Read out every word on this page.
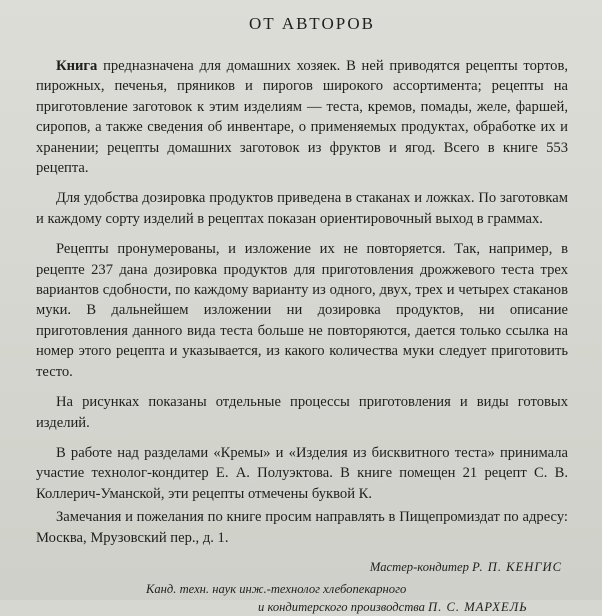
ОТ АВТОРОВ

Книга предназначена для домашних хозяек. В ней приводятся рецепты тортов, пирожных, печенья, пряников и пирогов широкого ассортимента; рецепты на приготовление заготовок к этим изделиям — теста, кремов, помады, желе, фаршей, сиропов, а также сведения об инвентаре, о применяемых продуктах, обработке их и хранении; рецепты домашних заготовок из фруктов и ягод. Всего в книге 553 рецепта.

Для удобства дозировка продуктов приведена в стаканах и ложках. По заготовкам и каждому сорту изделий в рецептах показан ориентировочный выход в граммах.

Рецепты пронумерованы, и изложение их не повторяется. Так, например, в рецепте 237 дана дозировка продуктов для приготовления дрожжевого теста трех вариантов сдобности, по каждому варианту из одного, двух, трех и четырех стаканов муки. В дальнейшем изложении ни дозировка продуктов, ни описание приготовления данного вида теста больше не повторяются, дается только ссылка на номер этого рецепта и указывается, из какого количества муки следует приготовить тесто.

На рисунках показаны отдельные процессы приготовления и виды готовых изделий.

В работе над разделами «Кремы» и «Изделия из бисквитного теста» принимала участие технолог-кондитер Е. А. Полуэктова. В книге помещен 21 рецепт С. В. Коллерич-Уманской, эти рецепты отмечены буквой К.

Замечания и пожелания по книге просим направлять в Пищепромиздат по адресу: Москва, Мрузовский пер., д. 1.

Мастер-кондитер Р. П. КЕНГИС
Канд. техн. наук инж.-технолог хлебопекарного
и кондитерского производства П. С. МАРХЕЛЬ
